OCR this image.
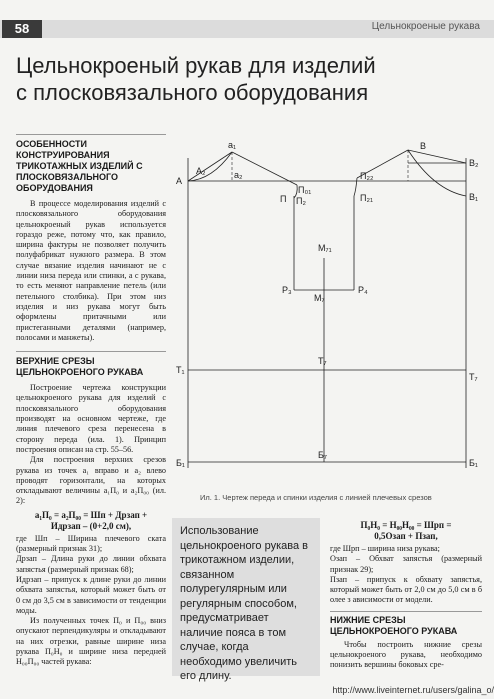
58	Цельнокроеные рукава
Цельнокроеный рукав для изделий
с плосковязального оборудования
ОСОБЕННОСТИ КОНСТРУИРОВАНИЯ ТРИКОТАЖНЫХ ИЗДЕЛИЙ С ПЛОСКОВЯЗАЛЬНОГО ОБОРУДОВАНИЯ

В процессе моделирования изделий с плосковязального оборудования цельнокроеный рукав используется гораздо реже, потому что, как правило, ширина фактуры не позволяет получить полуфабрикат нужного размера. В этом случае вязание изделия начинают не с линии низа переда или спинки, а с рукава, то есть меняют направление петель (или петельного столбика). При этом низ изделия и низ рукава могут быть оформлены притачными или пристеганными деталями (например, полосами и манжеты).

ВЕРХНИЕ СРЕЗЫ ЦЕЛЬНОКРОЕНОГО РУКАВА

Построение чертежа конструкции цельнокроеного рукава для изделий с плосковязального оборудования производят на основном чертеже, где линия плечевого среза перенесена в сторону переда (ила. 1). Принцип построения описан на стр. 55–56.

Для построения верхних срезов рукава из точек а₁ вправо и а₂ влево проводят горизонтали, на которых откладывают величины а₁П₀ и а₂П₀₀ (ил. 2):

а₁П₀ = а₂П₀₀ = Шп + Дрзап +
Идрзап – (0+2,0 см),

где Шп – Ширина плечевого ската (размерный признак 31);

Дрзап – Длина руки до линии обхвата запястья (размерный признак 68);

Идрзап – припуск к длине руки до линии обхвата запястья, который может быть от 0 см до 3,5 см в зависимости от тенденции моды.

Из полученных точек П₀ и П₀₀ вниз опускают перпендикуляры и откладывают на них отрезки, равные ширине низа рукава П₀Н₀ и ширине низа передней Н₀₀П₀₀ частей рукава:

А
А₂
а₁
а₂
В
В₂
В₁
П₀₁
П₂
П
П₂₂
П₂₁
М₇₁
Р₃	Р₄
М₇
Т₁
Т₇
Т₇
Б₁
Б₇
Б₁
Ил. 1. Чертеж переда и спинки изделия с линией плечевых срезов
Использование цельнокроеного рукава в трикотажном изделии, связанном полурегулярным или регулярным способом, предусматривает наличие пояса в том случае, когда необходимо увеличить его длину.
П₀Н₀ = Н₀₀Н₀₀ = Шрп =
0,5Озап + Пзап,

где Шрп – ширина низа рукава;

Озап – Обхват запястья (размерный признак 29);

Пзап – припуск к обхвату запястья, который может быть от 2,0 см до 5,0 см в б олее з ависимости от модели.

НИЖНИЕ СРЕЗЫ ЦЕЛЬНОКРОЕНОГО РУКАВА

Чтобы построить нижние срезы цельнокроеного рукава, необходимо понизить вершины боковых сре-

http://www.liveinternet.ru/users/galina_o/
